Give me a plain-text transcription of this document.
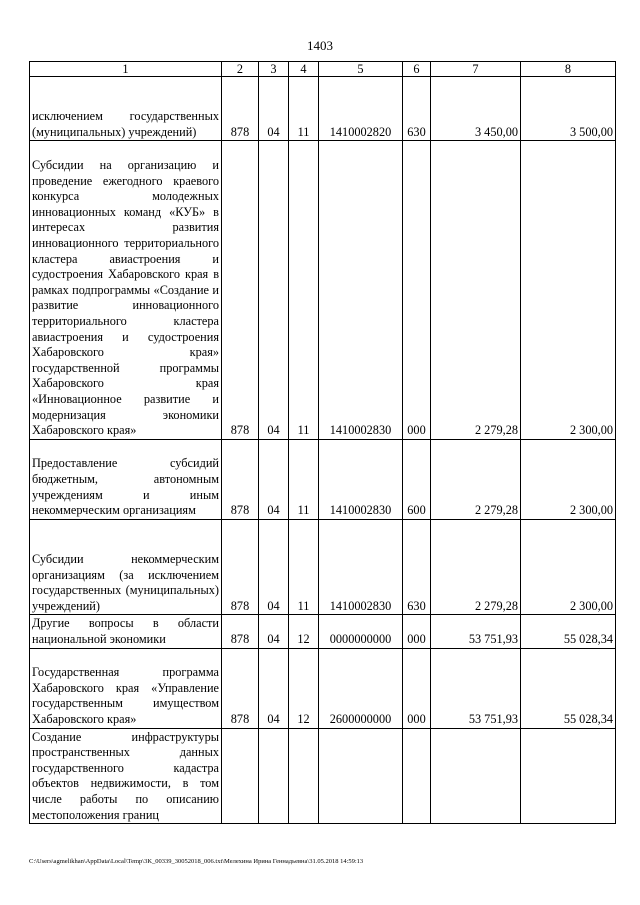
1403
1	2	3	4	5	6	7	8
исключением государственных (муниципальных) учреждений)	878	04	11	1410002820	630	3 450,00	3 500,00
Субсидии на организацию и проведение ежегодного краевого конкурса молодежных инновационных команд «КУБ» в интересах развития инновационного территориального кластера авиастроения и судостроения Хабаровского края в рамках подпрограммы «Создание и развитие инновационного территориального кластера авиастроения и судостроения Хабаровского края» государственной программы Хабаровского края «Инновационное развитие и модернизация экономики Хабаровского края»	878	04	11	1410002830	000	2 279,28	2 300,00
Предоставление субсидий бюджетным, автономным учреждениям и иным некоммерческим организациям	878	04	11	1410002830	600	2 279,28	2 300,00
Субсидии некоммерческим организациям (за исключением государственных (муниципальных) учреждений)	878	04	11	1410002830	630	2 279,28	2 300,00
Другие вопросы в области национальной экономики	878	04	12	0000000000	000	53 751,93	55 028,34
Государственная программа Хабаровского края «Управление государственным имуществом Хабаровского края»	878	04	12	2600000000	000	53 751,93	55 028,34
Создание инфраструктуры пространственных данных государственного кадастра объектов недвижимости, в том числе работы по описанию местоположения границ							
C:\Users\agmelikhan\AppData\Local\Temp\3K_00339_30052018_006.txt\Мелехина Ирина Геннадьевна\31.05.2018 14:59:13
